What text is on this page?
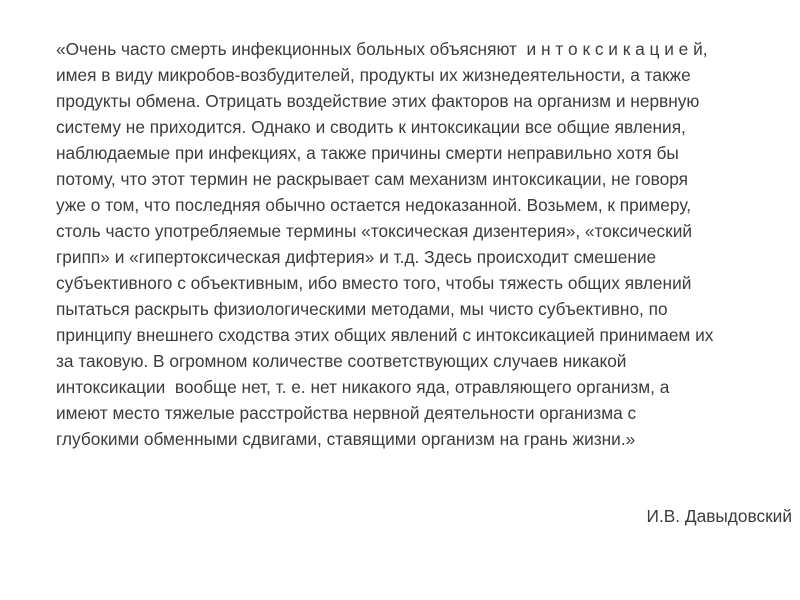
«Очень часто смерть инфекционных больных объясняют  и н т о к с и к а ц и е й,
имея в виду микробов-возбудителей, продукты их жизнедеятельности, а также
продукты обмена. Отрицать воздействие этих факторов на организм и нервную
систему не приходится. Однако и сводить к интоксикации все общие явления,
наблюдаемые при инфекциях, а также причины смерти неправильно хотя бы
потому, что этот термин не раскрывает сам механизм интоксикации, не говоря
уже о том, что последняя обычно остается недоказанной. Возьмем, к примеру,
столь часто употребляемые термины «токсическая дизентерия», «токсический
грипп» и «гипертоксическая дифтерия» и т.д. Здесь происходит смешение
субъективного с объективным, ибо вместо того, чтобы тяжесть общих явлений
пытаться раскрыть физиологическими методами, мы чисто субъективно, по
принципу внешнего сходства этих общих явлений с интоксикацией принимаем их
за таковую. В огромном количестве соответствующих случаев никакой
интоксикации  вообще нет, т. е. нет никакого яда, отравляющего организм, а
имеют место тяжелые расстройства нервной деятельности организма с
глубокими обменными сдвигами, ставящими организм на грань жизни.»
И.В. Давыдовский
